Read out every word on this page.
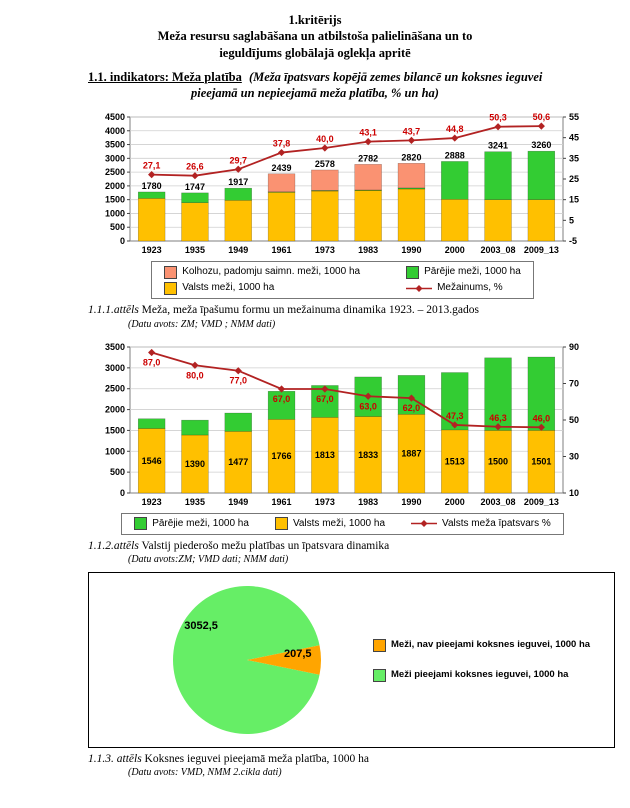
1.kritērijs
Meža resursu saglabāšana un atbilstoša palielināšana un to
ieguldījums globālajā oglekļa apritē
1.1. indikators: Meža platība (Meža īpatsvars kopējā zemes bilancē un koksnes ieguvei
pieejamā un nepieejamā meža platība, % un ha)
0
500
1000
1500
2000
2500
3000
3500
4000
4500
-5
5
15
25
35
45
55
1923
1780
1935
1747
1949
1917
1961
2439
1973
2578
1983
2782
1990
2820
2000
2888
2003_08
3241
2009_13
3260
27,1	26,6
29,7
37,8	40,0
43,1	43,7	44,8
50,3	50,6
Kolhozu, padomju saimn. meži, 1000 ha	Pārējie meži, 1000 ha
Valsts meži, 1000 ha	Mežainums, %
1.1.1.attēls Meža, meža īpašumu formu un mežainuma dinamika 1923. – 2013.gados
(Datu avots: ZM; VMD ; NMM dati)
0
500
1000
1500
2000
2500
3000
3500
10
30
50
70
90
1923
1546
1935
1390
1949
1477
1961
1766
1973
1813
1983
1833
1990
1887
2000
1513
2003_08
1500
2009_13
1501
87,0
80,0
77,0
67,0	67,0
63,0	62,0
47,3	46,3	46,0
Pārējie meži, 1000 ha	Valsts meži, 1000 ha	Valsts meža īpatsvars %
1.1.2.attēls Valstij piederošo mežu platības un īpatsvara dinamika
(Datu avots:ZM; VMD dati; NMM dati)
3052,5
207,5
Meži, nav pieejami koksnes ieguvei, 1000 ha
Meži pieejami koksnes ieguvei, 1000 ha
1.1.3. attēls Koksnes ieguvei pieejamā meža platība, 1000 ha
(Datu avots: VMD, NMM 2.cikla dati)
